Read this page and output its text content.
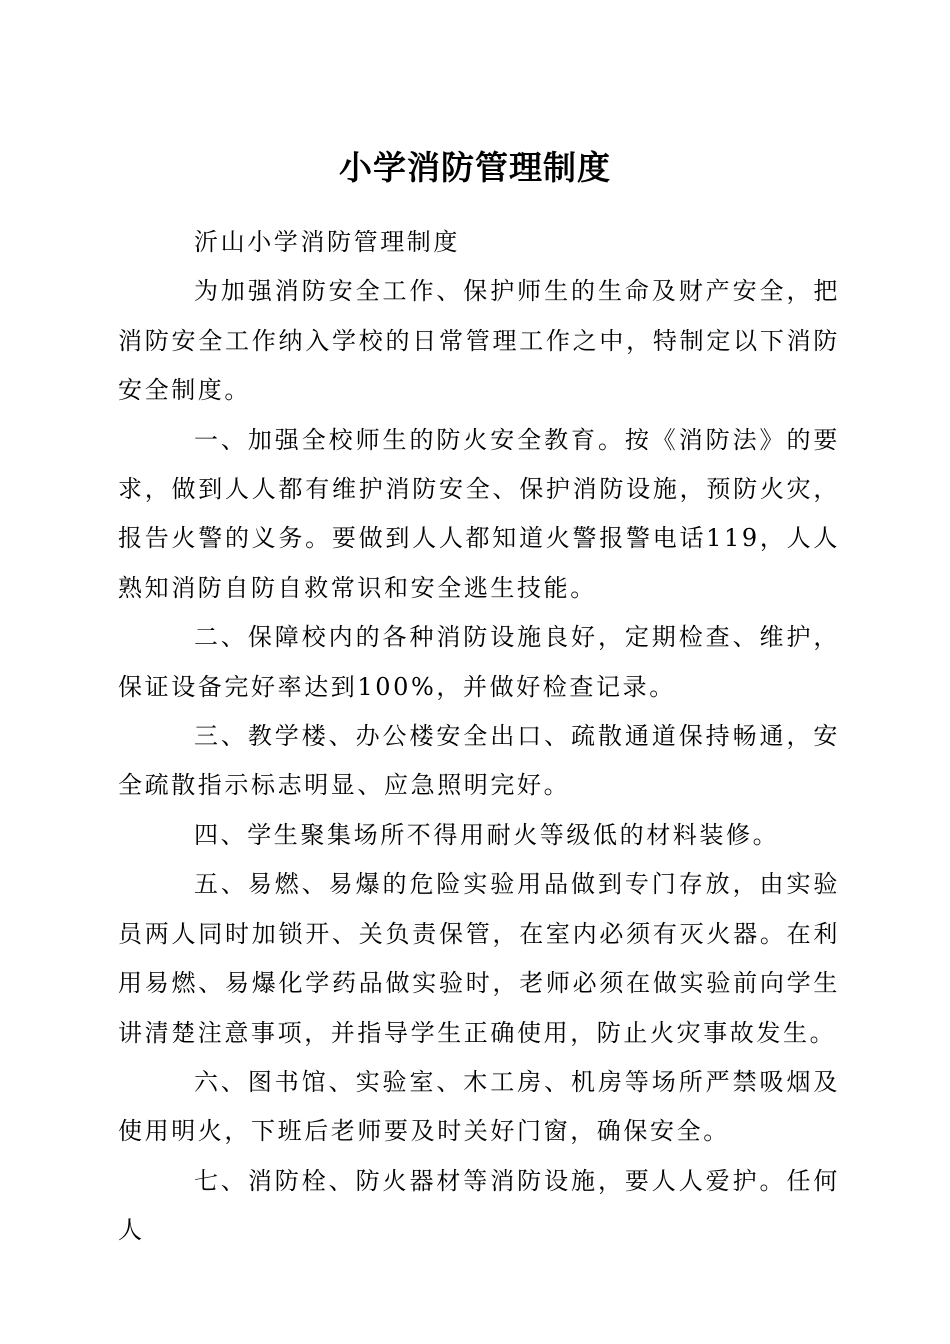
小学消防管理制度

沂山小学消防管理制度

为加强消防安全工作、保护师生的生命及财产安全，把消防安全工作纳入学校的日常管理工作之中，特制定以下消防安全制度。

一、加强全校师生的防火安全教育。按《消防法》的要求，做到人人都有维护消防安全、保护消防设施，预防火灾，报告火警的义务。要做到人人都知道火警报警电话119，人人熟知消防自防自救常识和安全逃生技能。

二、保障校内的各种消防设施良好，定期检查、维护，保证设备完好率达到100%，并做好检查记录。

三、教学楼、办公楼安全出口、疏散通道保持畅通，安全疏散指示标志明显、应急照明完好。

四、学生聚集场所不得用耐火等级低的材料装修。

五、易燃、易爆的危险实验用品做到专门存放，由实验员两人同时加锁开、关负责保管，在室内必须有灭火器。在利用易燃、易爆化学药品做实验时，老师必须在做实验前向学生讲清楚注意事项，并指导学生正确使用，防止火灾事故发生。

六、图书馆、实验室、木工房、机房等场所严禁吸烟及使用明火，下班后老师要及时关好门窗，确保安全。

七、消防栓、防火器材等消防设施，要人人爱护。任何人
